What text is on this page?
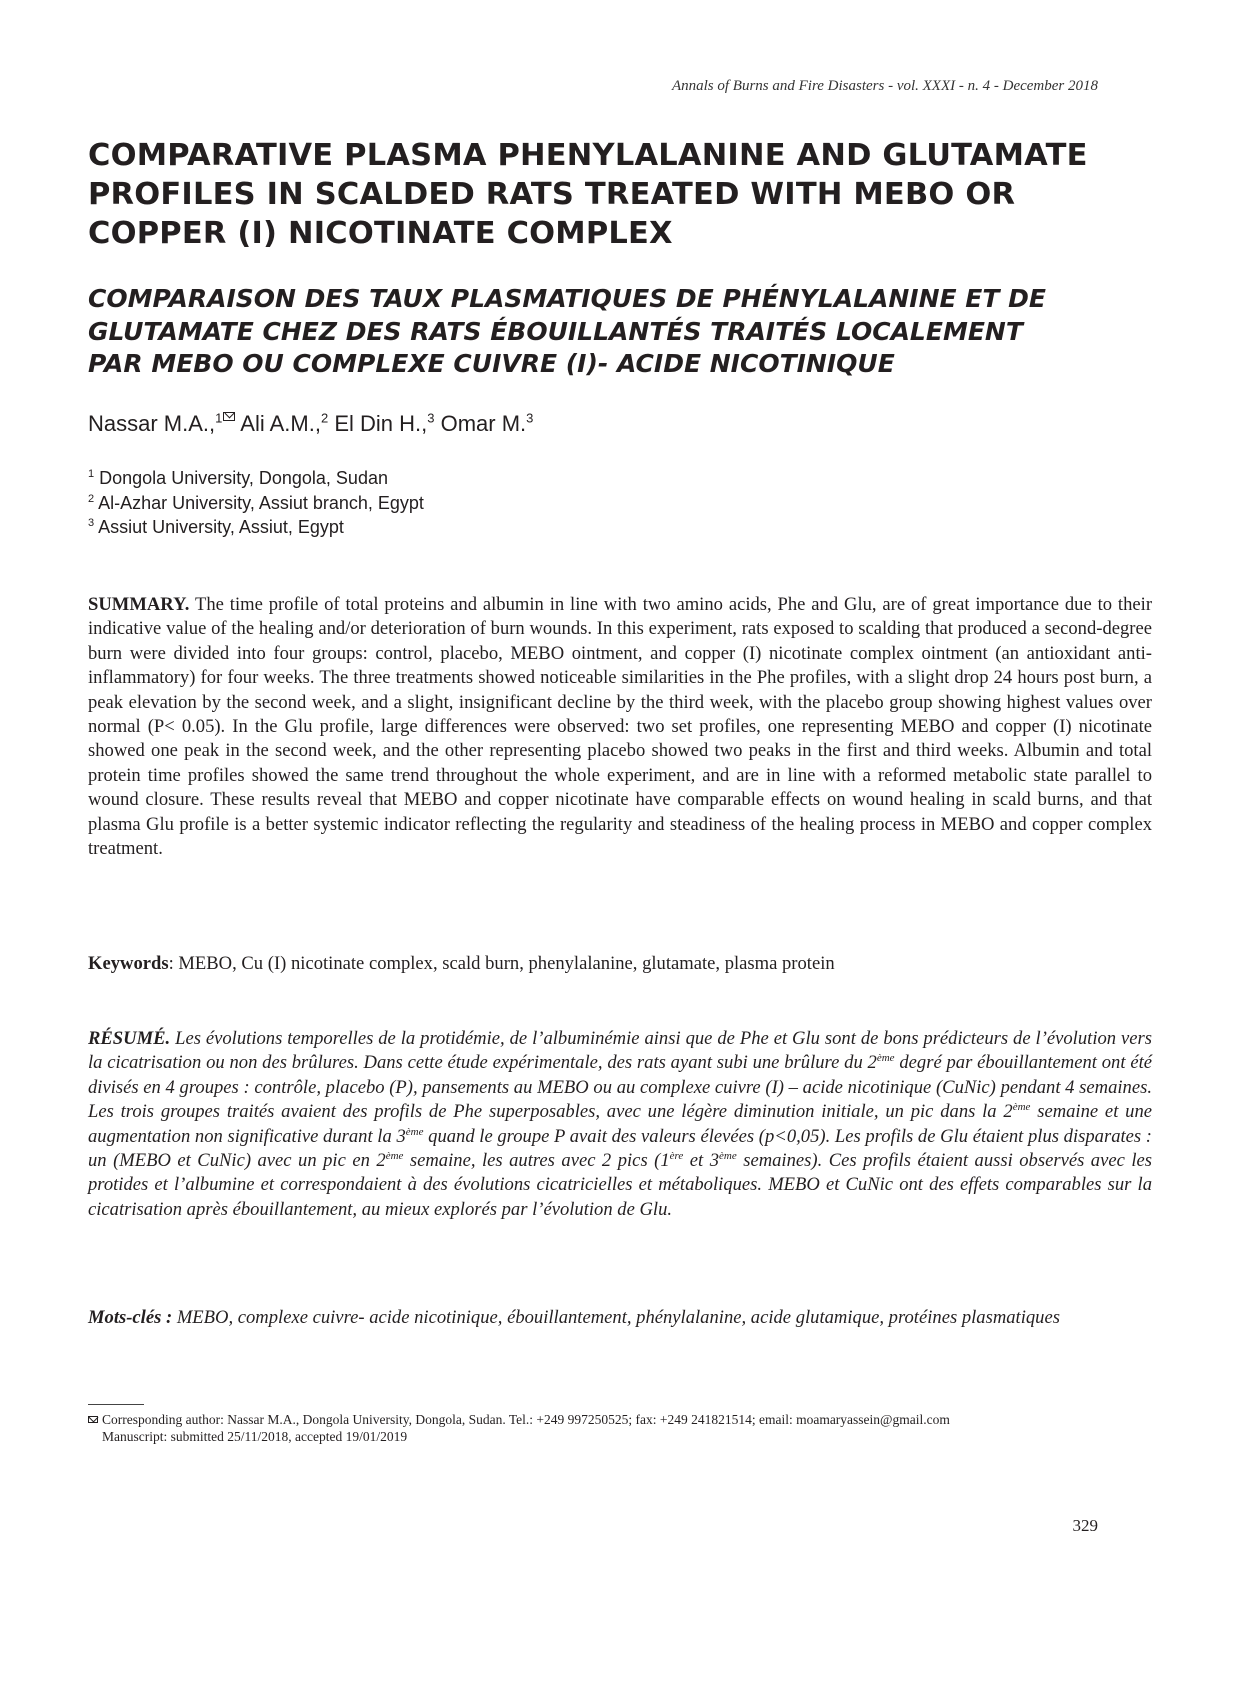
Annals of Burns and Fire Disasters - vol. XXXI - n. 4 - December 2018
COMPARATIVE PLASMA PHENYLALANINE AND GLUTAMATE
PROFILES IN SCALDED RATS TREATED WITH MEBO OR
COPPER (I) NICOTINATE COMPLEX
COMPARAISON DES TAUX PLASMATIQUES DE PHÉNYLALANINE ET DE
GLUTAMATE CHEZ DES RATS ÉBOUILLANTÉS TRAITÉS LOCALEMENT
PAR MEBO OU COMPLEXE CUIVRE (I)- ACIDE NICOTINIQUE
Nassar M.A.,$^1$ Ali A.M.,$^2$ El Din H.,$^3$ Omar M.$^3$
$^1$ Dongola University, Dongola, Sudan
$^2$ Al-Azhar University, Assiut branch, Egypt
$^3$ Assiut University, Assiut, Egypt

SUMMARY. The time profile of total proteins and albumin in line with two amino acids, Phe and Glu, are of great importance due to their indicative value of the healing and/or deterioration of burn wounds. In this experiment, rats exposed to scalding that produced a second-degree burn were divided into four groups: control, placebo, MEBO ointment, and copper (I) nicotinate complex ointment (an antioxidant anti-inflammatory) for four weeks. The three treatments showed noticeable similarities in the Phe profiles, with a slight drop 24 hours post burn, a peak elevation by the second week, and a slight, insignificant decline by the third week, with the placebo group showing highest values over normal (P< 0.05). In the Glu profile, large differences were observed: two set profiles, one representing MEBO and copper (I) nicotinate showed one peak in the second week, and the other representing placebo showed two peaks in the first and third weeks. Albumin and total protein time profiles showed the same trend throughout the whole experiment, and are in line with a reformed metabolic state parallel to wound closure. These results reveal that MEBO and copper nicotinate have comparable effects on wound healing in scald burns, and that plasma Glu profile is a better systemic indicator reflecting the regularity and steadiness of the healing process in MEBO and copper complex treatment.

Keywords: MEBO, Cu (I) nicotinate complex, scald burn, phenylalanine, glutamate, plasma protein

RÉSUMÉ. Les évolutions temporelles de la protidémie, de l’albuminémie ainsi que de Phe et Glu sont de bons prédicteurs de l’évolution vers la cicatrisation ou non des brûlures. Dans cette étude expérimentale, des rats ayant subi une brûlure du 2ème degré par ébouillantement ont été divisés en 4 groupes : contrôle, placebo (P), pansements au MEBO ou au complexe cuivre (I) – acide nicotinique (CuNic) pendant 4 semaines. Les trois groupes traités avaient des profils de Phe superposables, avec une légère diminution initiale, un pic dans la 2ème semaine et une augmentation non significative durant la 3ème quand le groupe P avait des valeurs élevées (p<0,05). Les profils de Glu étaient plus disparates : un (MEBO et CuNic) avec un pic en 2ème semaine, les autres avec 2 pics (1ère et 3ème semaines). Ces profils étaient aussi observés avec les protides et l’albumine et correspondaient à des évolutions cicatricielles et métaboliques. MEBO et CuNic ont des effets comparables sur la cicatrisation après ébouillantement, au mieux explorés par l’évolution de Glu.

Mots-clés : MEBO, complexe cuivre- acide nicotinique, ébouillantement, phénylalanine, acide glutamique, protéines plasmatiques

Corresponding author: Nassar M.A., Dongola University, Dongola, Sudan. Tel.: +249 997250525; fax: +249 241821514; email: moamaryassein@gmail.com
Manuscript: submitted 25/11/2018, accepted 19/01/2019
329
